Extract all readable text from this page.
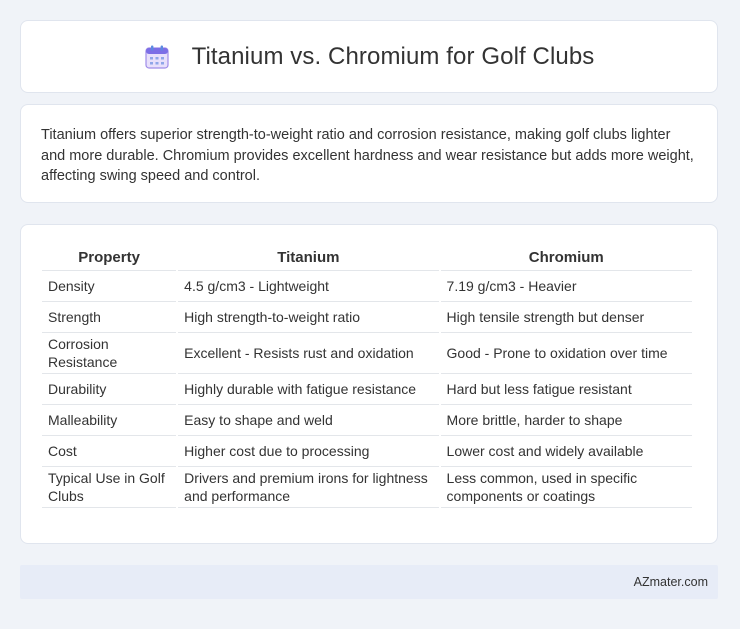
Titanium vs. Chromium for Golf Clubs

Titanium offers superior strength-to-weight ratio and corrosion resistance, making golf clubs lighter and more durable. Chromium provides excellent hardness and wear resistance but adds more weight, affecting swing speed and control.

Property	Titanium	Chromium
Density	4.5 g/cm3 - Lightweight	7.19 g/cm3 - Heavier
Strength	High strength-to-weight ratio	High tensile strength but denser
Corrosion Resistance	Excellent - Resists rust and oxidation	Good - Prone to oxidation over time
Durability	Highly durable with fatigue resistance	Hard but less fatigue resistant
Malleability	Easy to shape and weld	More brittle, harder to shape
Cost	Higher cost due to processing	Lower cost and widely available
Typical Use in Golf Clubs	Drivers and premium irons for lightness and performance	Less common, used in specific components or coatings
AZmater.com
